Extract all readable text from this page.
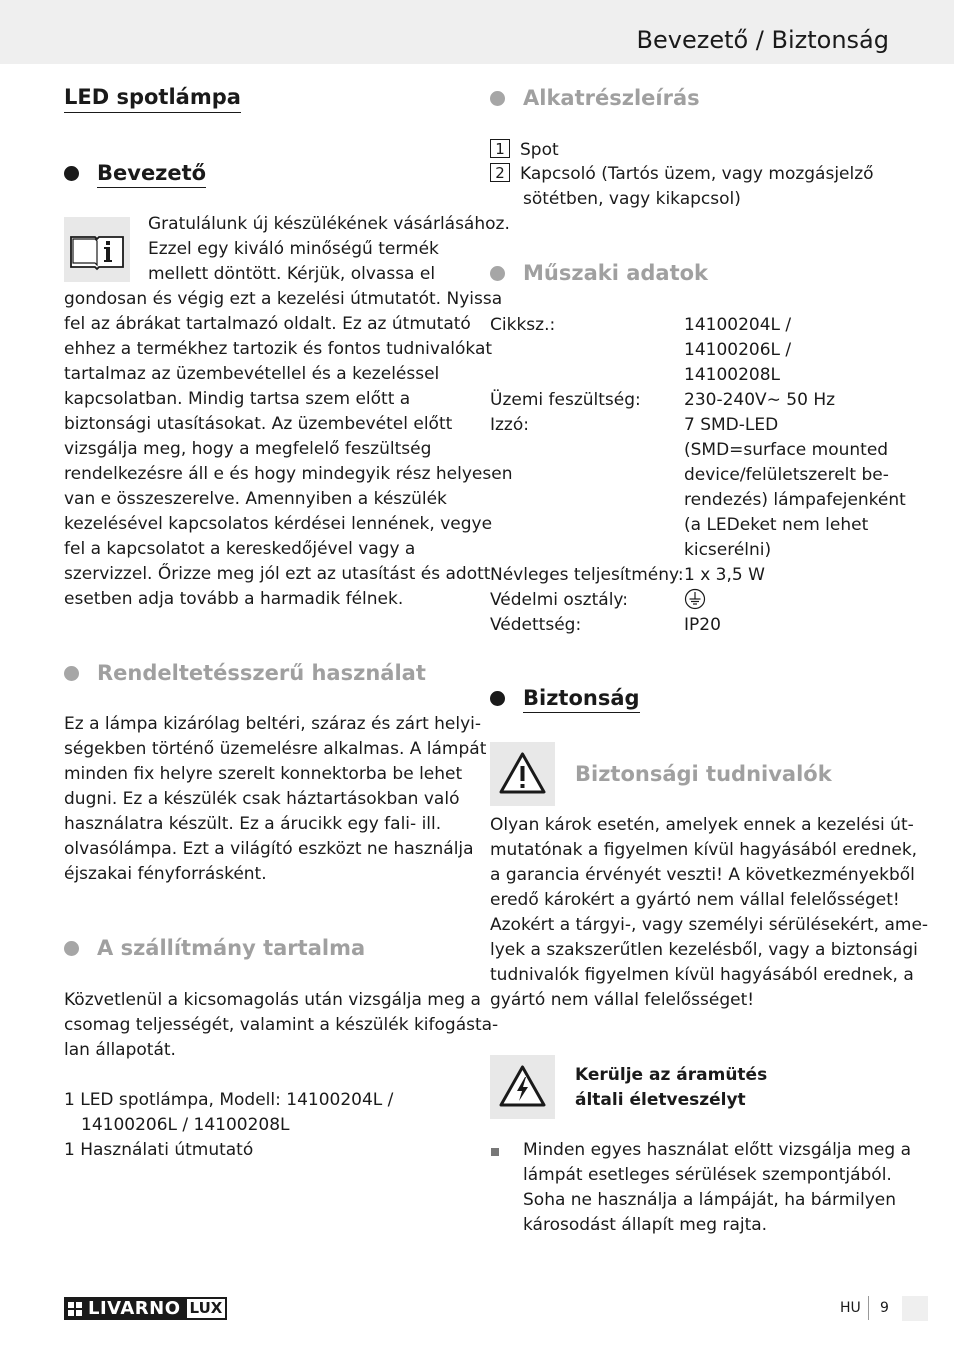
Bevezető / Biztonság
LED spotlámpa
Bevezető
Gratulálunk új készülékének vásárlásához.
Ezzel egy kiváló minőségű termék
mellett döntött. Kérjük, olvassa el
gondosan és végig ezt a kezelési útmutatót. Nyissa
fel az ábrákat tartalmazó oldalt. Ez az útmutató
ehhez a termékhez tartozik és fontos tudnivalókat
tartalmaz az üzembevétellel és a kezeléssel
kapcsolatban. Mindig tartsa szem előtt a
biztonsági utasításokat. Az üzembevétel előtt
vizsgálja meg, hogy a megfelelő feszültség
rendelkezésre áll e és hogy mindegyik rész helyesen
van e összeszerelve. Amennyiben a készülék
kezelésével kapcsolatos kérdései lennének, vegye
fel a kapcsolatot a kereskedőjével vagy a
szervizzel. Őrizze meg jól ezt az utasítást és adott
esetben adja tovább a harmadik félnek.
Rendeltetésszerű használat
Ez a lámpa kizárólag beltéri, száraz és zárt helyi-
ségekben történő üzemelésre alkalmas. A lámpát
minden fix helyre szerelt konnektorba be lehet
dugni. Ez a készülék csak háztartásokban való
használatra készült. Ez a árucikk egy fali- ill.
olvasólámpa. Ezt a világító eszközt ne használja
éjszakai fényforrásként.
A szállítmány tartalma
Közvetlenül a kicsomagolás után vizsgálja meg a
csomag teljességét, valamint a készülék kifogásta-
lan állapotát.
1 LED spotlámpa, Modell: 14100204L /
14100206L / 14100208L
1 Használati útmutató
Alkatrészleírás
1 Spot
2 Kapcsoló (Tartós üzem, vagy mozgásjelző
sötétben, vagy kikapcsol)
Műszaki adatok
Cikksz.:	14100204L /
14100206L /
14100208L
Üzemi feszültség:	230-240V∼ 50 Hz
Izzó:	7 SMD-LED
(SMD=surface mounted
device/felületszerelt be-
rendezés) lámpafejenként
(a LEDeket nem lehet
kicserélni)
Névleges teljesítmény: 1 x 3,5 W
Védelmi osztály:
Védettség:	IP20
Biztonság
Biztonsági tudnivalók
Olyan károk esetén, amelyek ennek a kezelési út-
mutatónak a figyelmen kívül hagyásából erednek,
a garancia érvényét veszti! A következményekből
eredő károkért a gyártó nem vállal felelősséget!
Azokért a tárgyi-, vagy személyi sérülésekért, ame-
lyek a szakszerűtlen kezelésből, vagy a biztonsági
tudnivalók figyelmen kívül hagyásából erednek, a
gyártó nem vállal felelősséget!
Kerülje az áramütés
általi életveszélyt
Minden egyes használat előtt vizsgálja meg a
lámpát esetleges sérülések szempontjából.
Soha ne használja a lámpáját, ha bármilyen
károsodást állapít meg rajta.
LIVARNO LUX	HU 9
